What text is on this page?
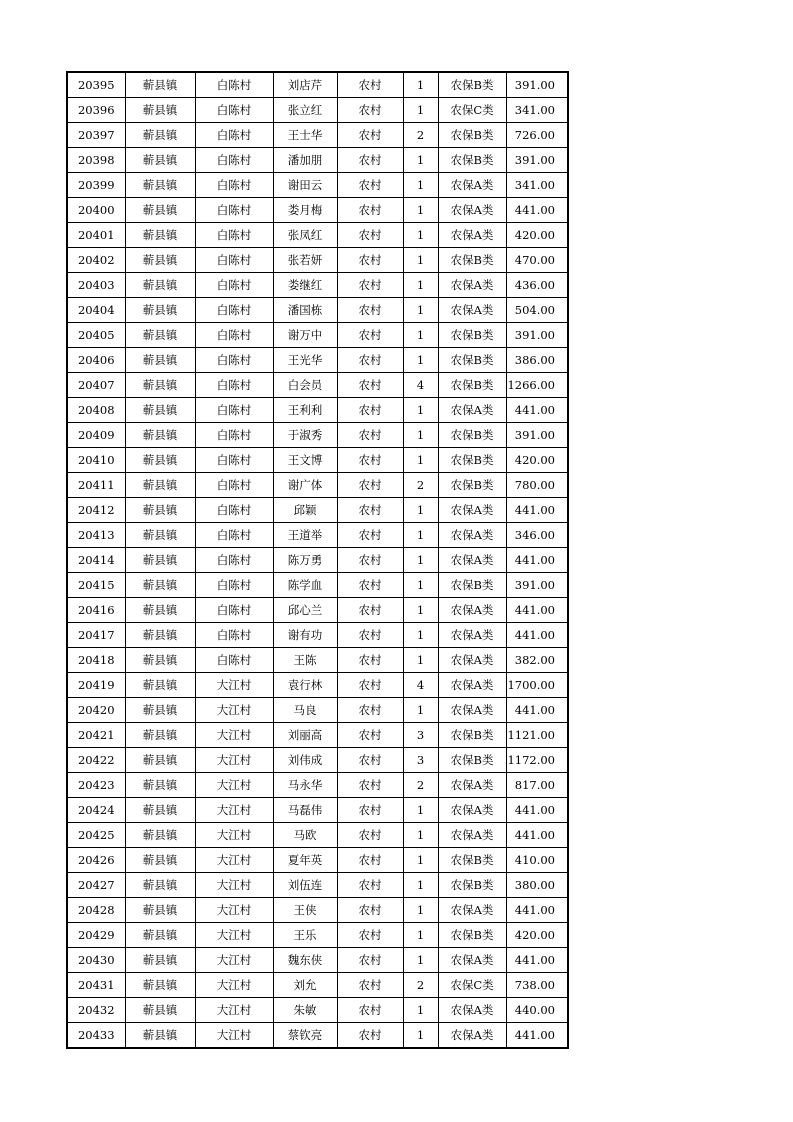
20395	蕲县镇	白陈村	刘店芹	农村	1	农保B类	391.00
20396	蕲县镇	白陈村	张立红	农村	1	农保C类	341.00
20397	蕲县镇	白陈村	王士华	农村	2	农保B类	726.00
20398	蕲县镇	白陈村	潘加朋	农村	1	农保B类	391.00
20399	蕲县镇	白陈村	谢田云	农村	1	农保A类	341.00
20400	蕲县镇	白陈村	娄月梅	农村	1	农保A类	441.00
20401	蕲县镇	白陈村	张凤红	农村	1	农保A类	420.00
20402	蕲县镇	白陈村	张若妍	农村	1	农保B类	470.00
20403	蕲县镇	白陈村	娄继红	农村	1	农保A类	436.00
20404	蕲县镇	白陈村	潘国栋	农村	1	农保A类	504.00
20405	蕲县镇	白陈村	谢万中	农村	1	农保B类	391.00
20406	蕲县镇	白陈村	王光华	农村	1	农保B类	386.00
20407	蕲县镇	白陈村	白会员	农村	4	农保B类	1266.00
20408	蕲县镇	白陈村	王利利	农村	1	农保A类	441.00
20409	蕲县镇	白陈村	于淑秀	农村	1	农保B类	391.00
20410	蕲县镇	白陈村	王文博	农村	1	农保B类	420.00
20411	蕲县镇	白陈村	谢广体	农村	2	农保B类	780.00
20412	蕲县镇	白陈村	邱颖	农村	1	农保A类	441.00
20413	蕲县镇	白陈村	王道举	农村	1	农保A类	346.00
20414	蕲县镇	白陈村	陈万勇	农村	1	农保A类	441.00
20415	蕲县镇	白陈村	陈学血	农村	1	农保B类	391.00
20416	蕲县镇	白陈村	邱心兰	农村	1	农保A类	441.00
20417	蕲县镇	白陈村	谢有功	农村	1	农保A类	441.00
20418	蕲县镇	白陈村	王陈	农村	1	农保A类	382.00
20419	蕲县镇	大江村	袁行林	农村	4	农保A类	1700.00
20420	蕲县镇	大江村	马良	农村	1	农保A类	441.00
20421	蕲县镇	大江村	刘丽高	农村	3	农保B类	1121.00
20422	蕲县镇	大江村	刘伟成	农村	3	农保B类	1172.00
20423	蕲县镇	大江村	马永华	农村	2	农保A类	817.00
20424	蕲县镇	大江村	马磊伟	农村	1	农保A类	441.00
20425	蕲县镇	大江村	马欧	农村	1	农保A类	441.00
20426	蕲县镇	大江村	夏年英	农村	1	农保B类	410.00
20427	蕲县镇	大江村	刘伍连	农村	1	农保B类	380.00
20428	蕲县镇	大江村	王侠	农村	1	农保A类	441.00
20429	蕲县镇	大江村	王乐	农村	1	农保B类	420.00
20430	蕲县镇	大江村	魏东侠	农村	1	农保A类	441.00
20431	蕲县镇	大江村	刘允	农村	2	农保C类	738.00
20432	蕲县镇	大江村	朱敏	农村	1	农保A类	440.00
20433	蕲县镇	大江村	蔡钦亮	农村	1	农保A类	441.00
